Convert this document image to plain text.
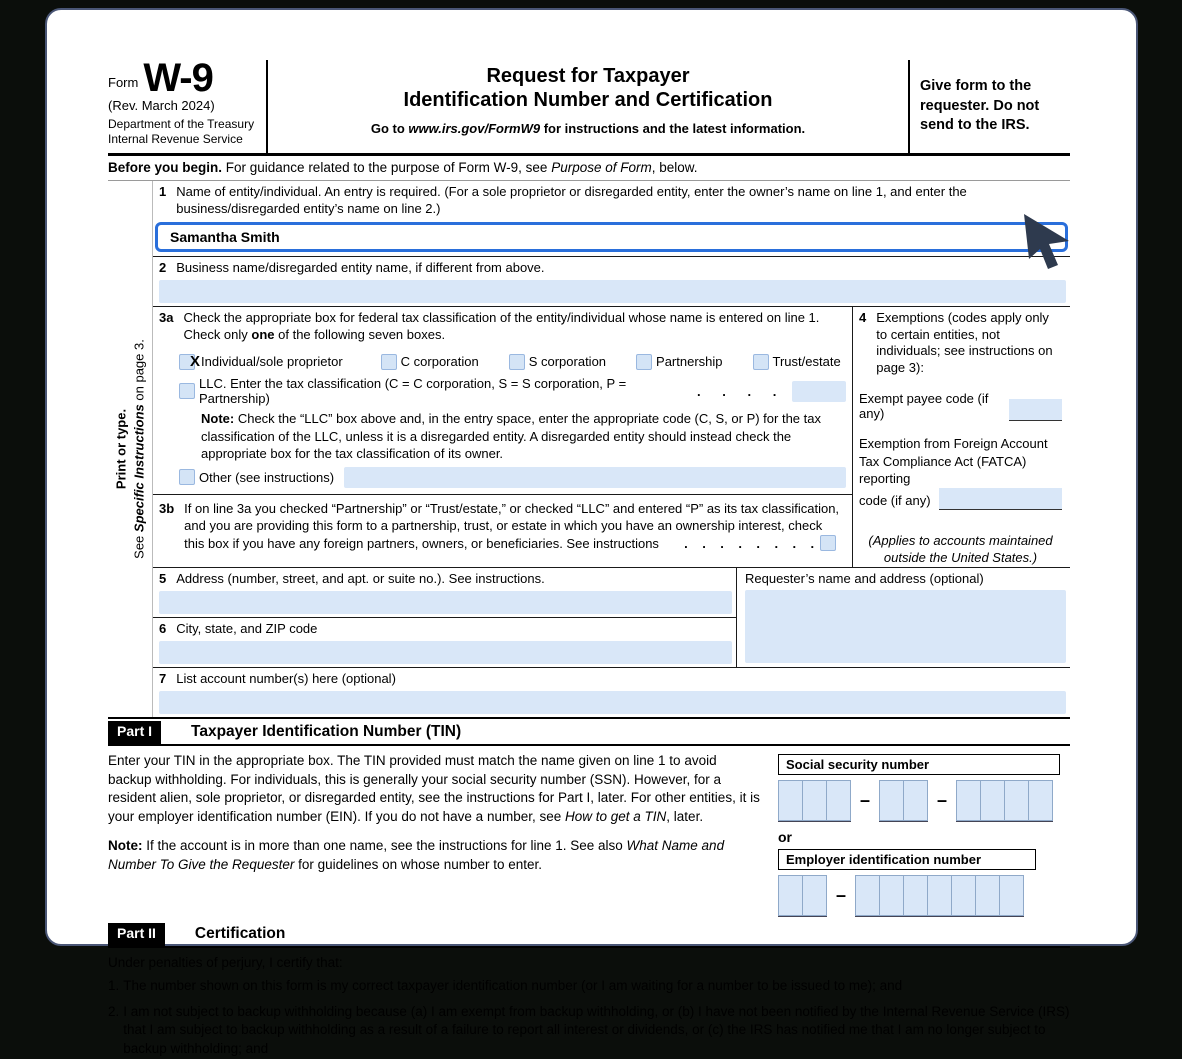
Form W-9
(Rev. March 2024)
Department of the Treasury
Internal Revenue Service
Request for Taxpayer
Identification Number and Certification
Go to www.irs.gov/FormW9 for instructions and the latest information.
Give form to the requester. Do not send to the IRS.
Before you begin. For guidance related to the purpose of Form W-9, see Purpose of Form, below.
Print or type.
See Specific Instructions on page 3.
1 Name of entity/individual. An entry is required. (For a sole proprietor or disregarded entity, enter the owner’s name on line 1, and enter the business/disregarded entity’s name on line 2.)
Samantha Smith
2 Business name/disregarded entity name, if different from above.
3a Check the appropriate box for federal tax classification of the entity/individual whose name is entered on line 1. Check only one of the following seven boxes.
X Individual/sole proprietor	C corporation	S corporation	Partnership	Trust/estate
LLC. Enter the tax classification (C = C corporation, S = S corporation, P = Partnership)	.      .      .      .
Note: Check the “LLC” box above and, in the entry space, enter the appropriate code (C, S, or P) for the tax classification of the LLC, unless it is a disregarded entity. A disregarded entity should instead check the appropriate box for the tax classification of its owner.
Other (see instructions)
3b If on line 3a you checked “Partnership” or “Trust/estate,” or checked “LLC” and entered “P” as its tax classification, and you are providing this form to a partnership, trust, or estate in which you have an ownership interest, check this box if you have any foreign partners, owners, or beneficiaries. See instructions  .    .    .    .    .    .    .    .
4 Exemptions (codes apply only to certain entities, not individuals; see instructions on page 3):
Exempt payee code (if any)
Exemption from Foreign Account Tax Compliance Act (FATCA) reporting
code (if any)
(Applies to accounts maintained outside the United States.)
5 Address (number, street, and apt. or suite no.). See instructions.
6 City, state, and ZIP code
Requester’s name and address (optional)
7 List account number(s) here (optional)
Part I	Taxpayer Identification Number (TIN)
Enter your TIN in the appropriate box. The TIN provided must match the name given on line 1 to avoid backup withholding. For individuals, this is generally your social security number (SSN). However, for a resident alien, sole proprietor, or disregarded entity, see the instructions for Part I, later. For other entities, it is your employer identification number (EIN). If you do not have a number, see How to get a TIN, later.
Note: If the account is in more than one name, see the instructions for line 1. See also What Name and Number To Give the Requester for guidelines on whose number to enter.
Social security number
–	–
or
Employer identification number
–
Part II	Certification
Under penalties of perjury, I certify that:
1. The number shown on this form is my correct taxpayer identification number (or I am waiting for a number to be issued to me); and
2. I am not subject to backup withholding because (a) I am exempt from backup withholding, or (b) I have not been notified by the Internal Revenue Service (IRS) that I am subject to backup withholding as a result of a failure to report all interest or dividends, or (c) the IRS has notified me that I am no longer subject to backup withholding; and
